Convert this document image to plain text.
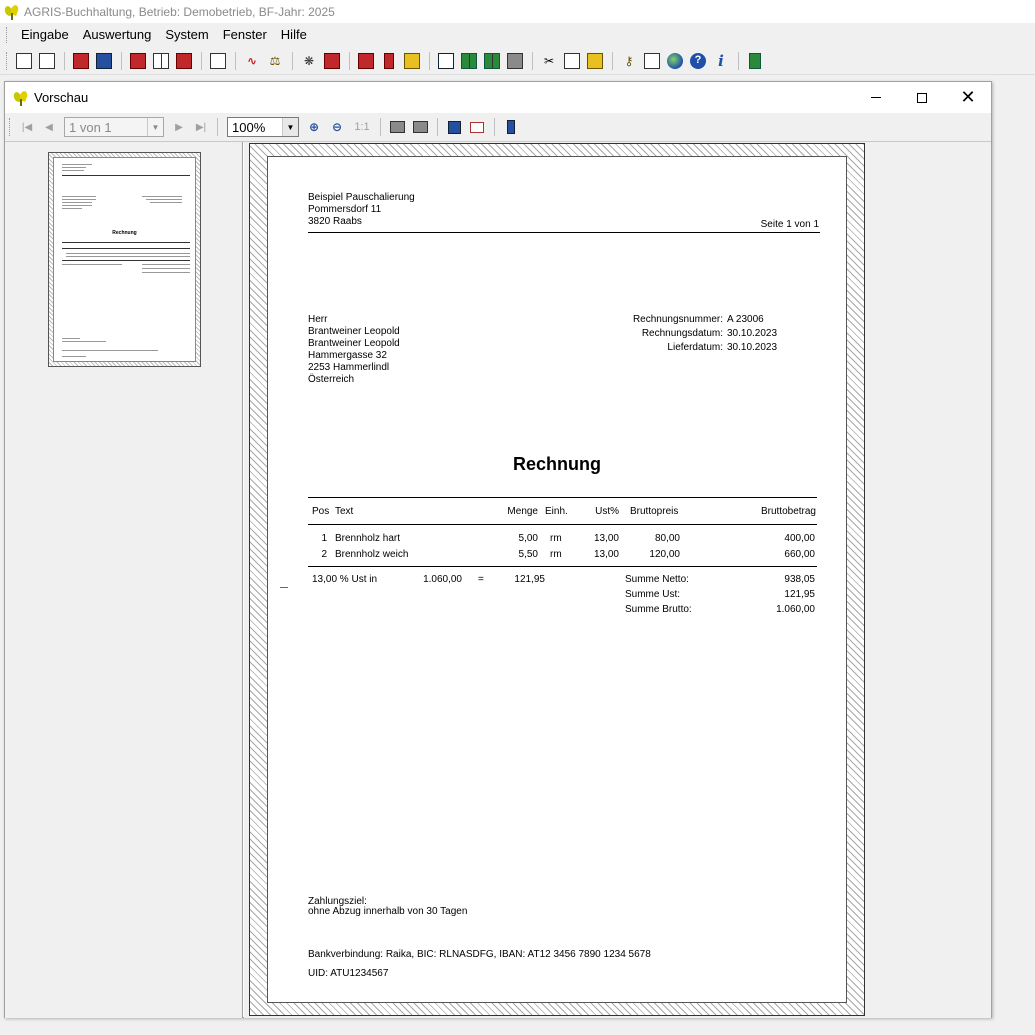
AGRIS-Buchhaltung, Betrieb: Demobetrieb, BF-Jahr: 2025
Eingabe	Auswertung	System	Fenster	Hilfe
∿	⚖	❋	✂	⚷	?	i
Vorschau	✕
|◀	◀	1 von 1	▼	▶	▶|	100%	▼	⊕	⊖	1:1
Rechnung
Beispiel Pauschalierung
Pommersdorf 11
3820 Raabs	Seite 1 von 1
Herr
Brantweiner Leopold
Brantweiner Leopold
Hammergasse 32
2253 Hammerlindl
Österreich
Rechnungsnummer: A 23006
Rechnungsdatum: 30.10.2023
Lieferdatum: 30.10.2023
Rechnung
Pos Text	Menge Einh.	Ust% Bruttopreis	Bruttobetrag
1 Brennholz hart	5,00 rm	13,00	80,00	400,00
2 Brennholz weich	5,50 rm	13,00	120,00	660,00
13,00 % Ust in	1.060,00 =	121,95	Summe Netto:	938,05
Summe Ust:	121,95
Summe Brutto:	1.060,00
Zahlungsziel:
ohne Abzug innerhalb von 30 Tagen
Bankverbindung: Raika, BIC: RLNASDFG, IBAN: AT12 3456 7890 1234 5678
UID: ATU1234567
